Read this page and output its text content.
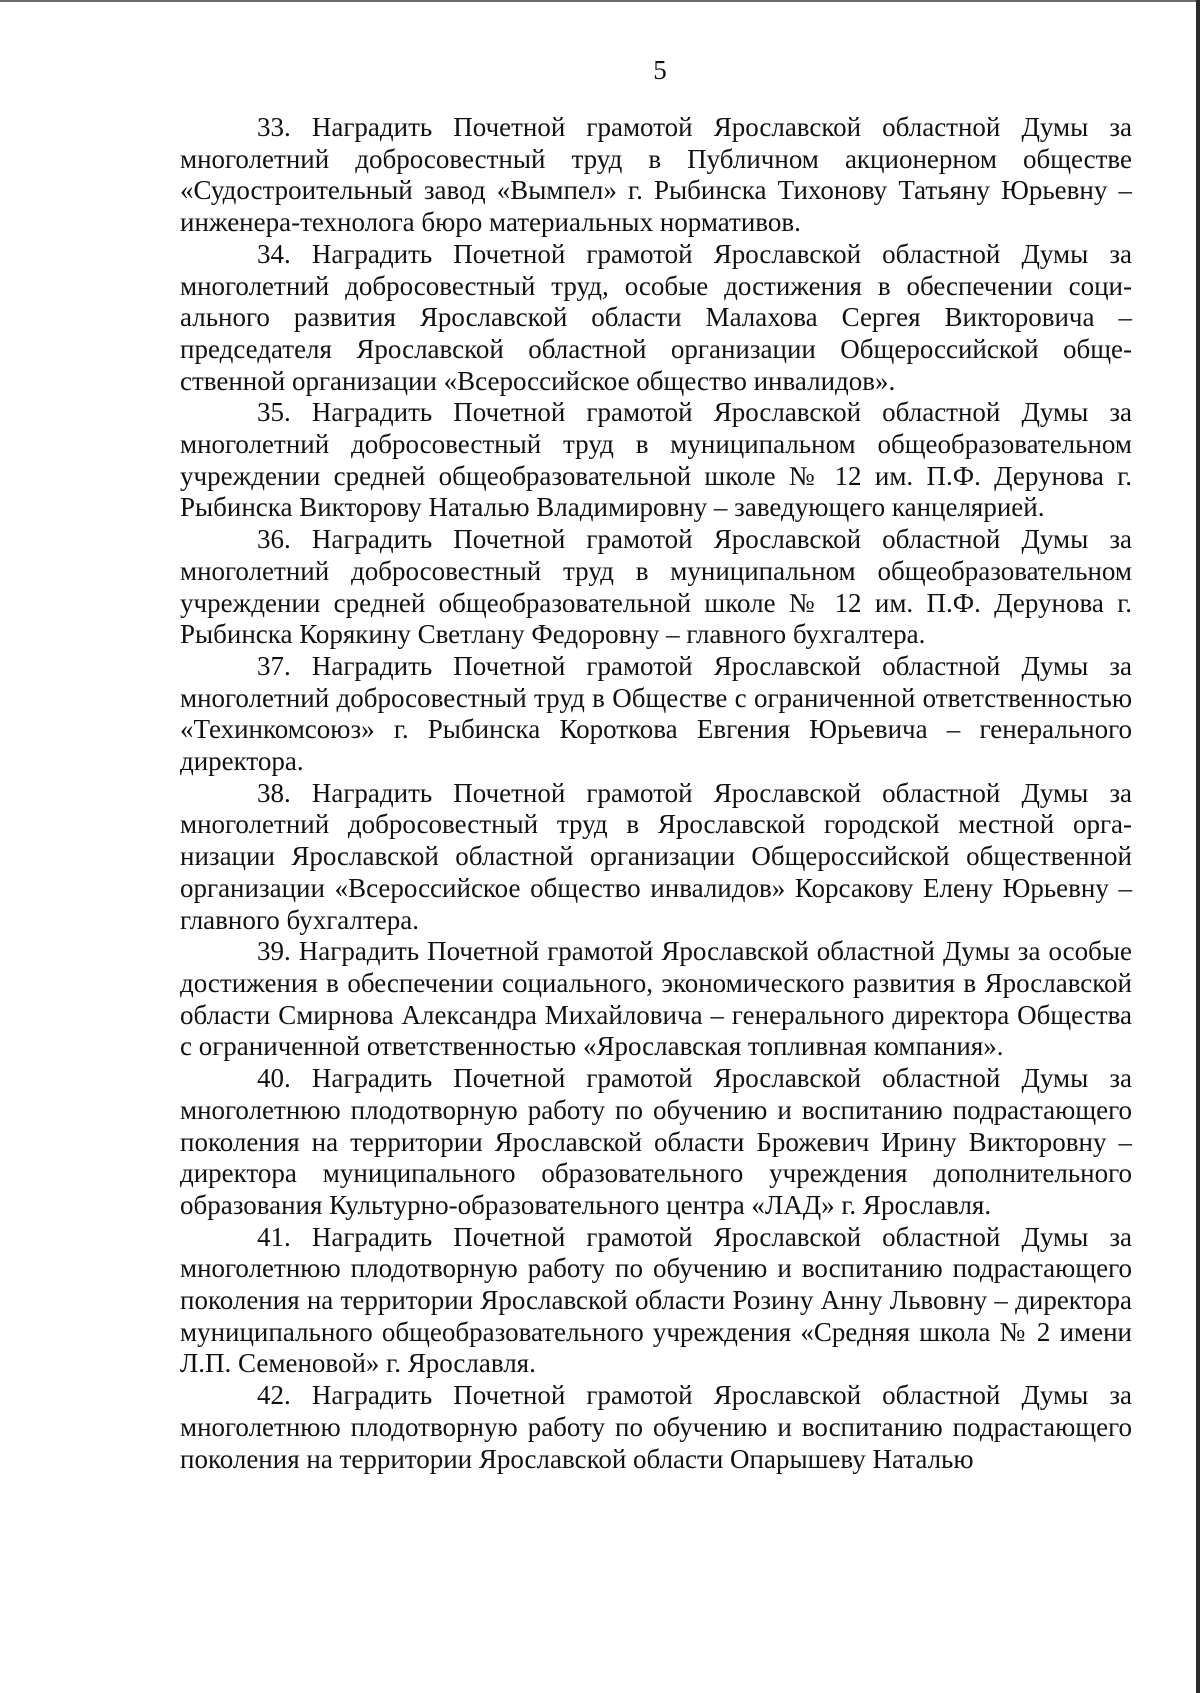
5

33. Наградить Почетной грамотой Ярославской областной Думы за многолетний добросовестный труд в Публичном акционерном обществе «Судостроительный завод «Вымпел» г. Рыбинска Тихонову Татьяну Юрьевну – инженера-технолога бюро материальных нормативов.

34. Наградить Почетной грамотой Ярославской областной Думы за многолетний добросовестный труд, особые достижения в обеспечении социального развития Ярославской области Малахова Сергея Викторовича – председателя Ярославской областной организации Общероссийской общественной организации «Всероссийское общество инвалидов».

35. Наградить Почетной грамотой Ярославской областной Думы за многолетний добросовестный труд в муниципальном общеобразовательном учреждении средней общеобразовательной школе № 12 им. П.Ф. Дерунова г. Рыбинска Викторову Наталью Владимировну – заведующего канцелярией.

36. Наградить Почетной грамотой Ярославской областной Думы за многолетний добросовестный труд в муниципальном общеобразовательном учреждении средней общеобразовательной школе № 12 им. П.Ф. Дерунова г. Рыбинска Корякину Светлану Федоровну – главного бухгалтера.

37. Наградить Почетной грамотой Ярославской областной Думы за многолетний добросовестный труд в Обществе с ограниченной ответственностью «Техинкомсоюз» г. Рыбинска Короткова Евгения Юрьевича – генерального директора.

38. Наградить Почетной грамотой Ярославской областной Думы за многолетний добросовестный труд в Ярославской городской местной организации Ярославской областной организации Общероссийской общественной организации «Всероссийское общество инвалидов» Корсакову Елену Юрьевну – главного бухгалтера.

39. Наградить Почетной грамотой Ярославской областной Думы за особые достижения в обеспечении социального, экономического развития в Ярославской области Смирнова Александра Михайловича – генерального директора Общества с ограниченной ответственностью «Ярославская топливная компания».

40. Наградить Почетной грамотой Ярославской областной Думы за многолетнюю плодотворную работу по обучению и воспитанию подрастающего поколения на территории Ярославской области Брожевич Ирину Викторовну – директора муниципального образовательного учреждения дополнительного образования Культурно-образовательного центра «ЛАД» г. Ярославля.

41. Наградить Почетной грамотой Ярославской областной Думы за многолетнюю плодотворную работу по обучению и воспитанию подрастающего поколения на территории Ярославской области Розину Анну Львовну – директора муниципального общеобразовательного учреждения «Средняя школа № 2 имени Л.П. Семеновой» г. Ярославля.

42. Наградить Почетной грамотой Ярославской областной Думы за многолетнюю плодотворную работу по обучению и воспитанию подрастающего поколения на территории Ярославской области Опарышеву Наталью
